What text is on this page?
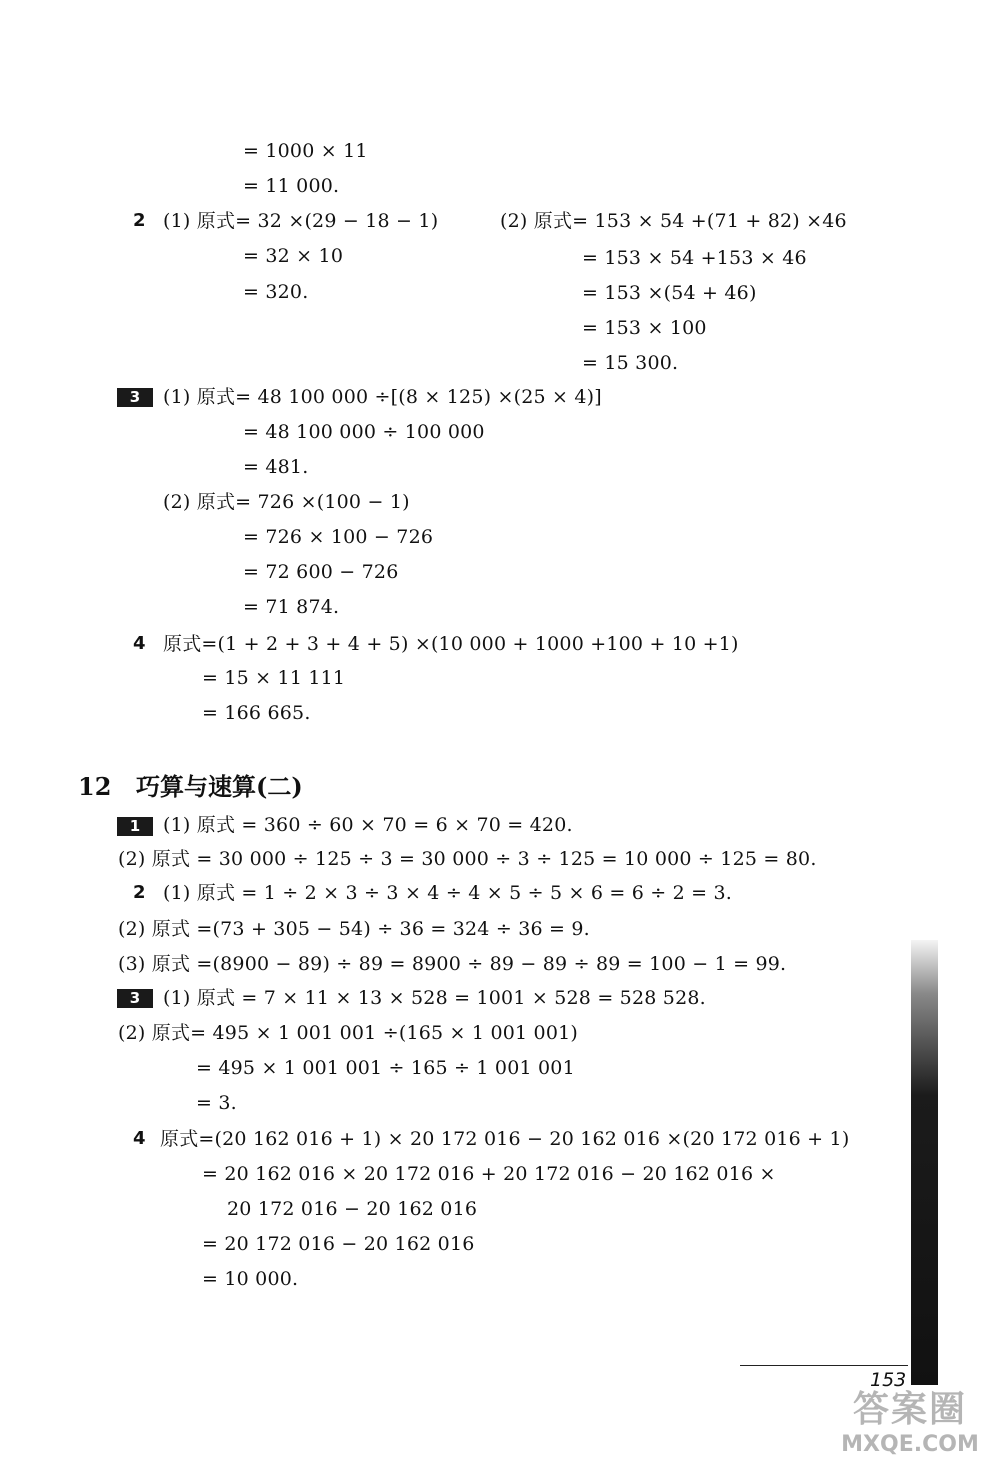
= 1000 × 11
= 11 000.
2 (1) 原式= 32 ×(29 − 18 − 1)
= 32 × 10
= 320.
(2) 原式= 153 × 54 +(71 + 82) ×46
= 153 × 54 +153 × 46
= 153 ×(54 + 46)
= 153 × 100
= 15 300.
3	(1) 原式= 48 100 000 ÷[(8 × 125) ×(25 × 4)]
= 48 100 000 ÷ 100 000
= 481.
(2) 原式= 726 ×(100 − 1)
= 726 × 100 − 726
= 72 600 − 726
= 71 874.
4 原式=(1 + 2 + 3 + 4 + 5) ×(10 000 + 1000 +100 + 10 +1)
= 15 × 11 111
= 166 665.
12 巧算与速算(二)
1	(1) 原式 = 360 ÷ 60 × 70 = 6 × 70 = 420.
(2) 原式 = 30 000 ÷ 125 ÷ 3 = 30 000 ÷ 3 ÷ 125 = 10 000 ÷ 125 = 80.
2 (1) 原式 = 1 ÷ 2 × 3 ÷ 3 × 4 ÷ 4 × 5 ÷ 5 × 6 = 6 ÷ 2 = 3.
(2) 原式 =(73 + 305 − 54) ÷ 36 = 324 ÷ 36 = 9.
(3) 原式 =(8900 − 89) ÷ 89 = 8900 ÷ 89 − 89 ÷ 89 = 100 − 1 = 99.
3	(1) 原式 = 7 × 11 × 13 × 528 = 1001 × 528 = 528 528.
(2) 原式= 495 × 1 001 001 ÷(165 × 1 001 001)
= 495 × 1 001 001 ÷ 165 ÷ 1 001 001
= 3.
4 原式=(20 162 016 + 1) × 20 172 016 − 20 162 016 ×(20 172 016 + 1)
= 20 162 016 × 20 172 016 + 20 172 016 − 20 162 016 ×
20 172 016 − 20 162 016
= 20 172 016 − 20 162 016
= 10 000.
153
答案圈
MXQE.COM
